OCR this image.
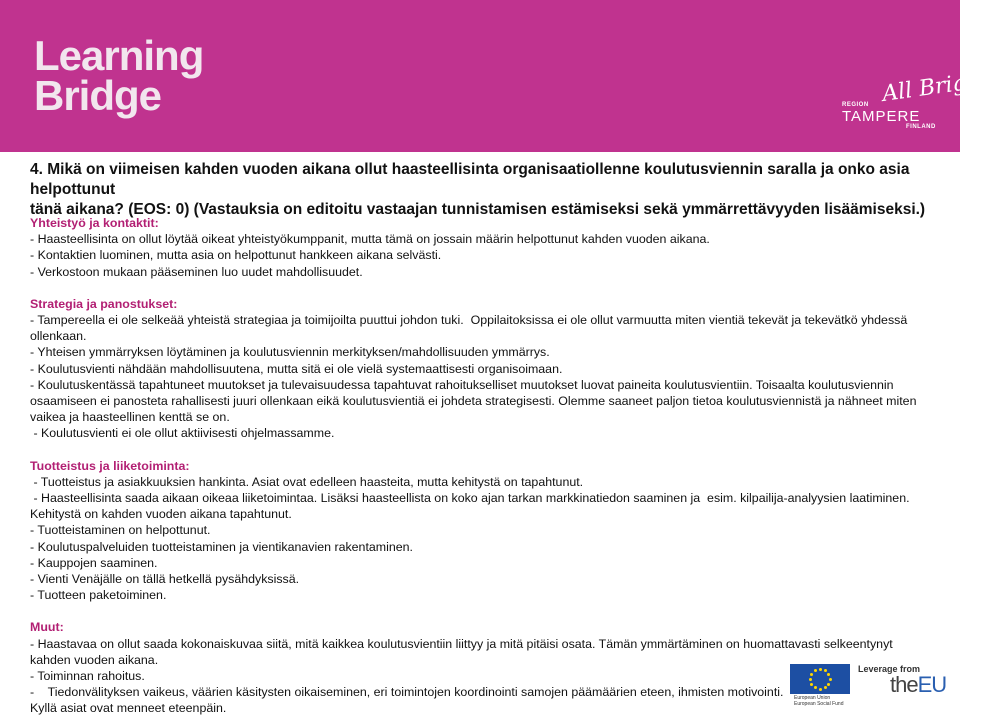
Learning
Bridge	All Bright!
REGION
TAMPERE
FINLAND
4. Mikä on viimeisen kahden vuoden aikana ollut haasteellisinta organisaatiollenne koulutusviennin saralla ja onko asia helpottunut
tänä aikana? (EOS: 0) (Vastauksia on editoitu vastaajan tunnistamisen estämiseksi sekä ymmärrettävyyden lisäämiseksi.)
Yhteistyö ja kontaktit:
- Haasteellisinta on ollut löytää oikeat yhteistyökumppanit, mutta tämä on jossain määrin helpottunut kahden vuoden aikana.
- Kontaktien luominen, mutta asia on helpottunut hankkeen aikana selvästi.
- Verkostoon mukaan pääseminen luo uudet mahdollisuudet.
Strategia ja panostukset:
- Tampereella ei ole selkeää yhteistä strategiaa ja toimijoilta puuttui johdon tuki.  Oppilaitoksissa ei ole ollut varmuutta miten vientiä tekevät ja tekevätkö yhdessä
ollenkaan.
- Yhteisen ymmärryksen löytäminen ja koulutusviennin merkityksen/mahdollisuuden ymmärrys.
- Koulutusvienti nähdään mahdollisuutena, mutta sitä ei ole vielä systemaattisesti organisoimaan.
- Koulutuskentässä tapahtuneet muutokset ja tulevaisuudessa tapahtuvat rahoitukselliset muutokset luovat paineita koulutusvientiin. Toisaalta koulutusviennin
osaamiseen ei panosteta rahallisesti juuri ollenkaan eikä koulutusvientiä ei johdeta strategisesti. Olemme saaneet paljon tietoa koulutusviennistä ja nähneet miten
vaikea ja haasteellinen kenttä se on.
- Koulutusvienti ei ole ollut aktiivisesti ohjelmassamme.
Tuotteistus ja liiketoiminta:
- Tuotteistus ja asiakkuuksien hankinta. Asiat ovat edelleen haasteita, mutta kehitystä on tapahtunut.
- Haasteellisinta saada aikaan oikeaa liiketoimintaa. Lisäksi haasteellista on koko ajan tarkan markkinatiedon saaminen ja  esim. kilpailija-analyysien laatiminen.
Kehitystä on kahden vuoden aikana tapahtunut.
- Tuotteistaminen on helpottunut.
- Koulutuspalveluiden tuotteistaminen ja vientikanavien rakentaminen.
- Kauppojen saaminen.
- Vienti Venäjälle on tällä hetkellä pysähdyksissä.
- Tuotteen paketoiminen.
Muut:
- Haastavaa on ollut saada kokonaiskuvaa siitä, mitä kaikkea koulutusvientiin liittyy ja mitä pitäisi osata. Tämän ymmärtäminen on huomattavasti selkeentynyt
kahden vuoden aikana.
- Toiminnan rahoitus.
-    Tiedonvälityksen vaikeus, väärien käsitysten oikaiseminen, eri toimintojen koordinointi samojen päämäärien eteen, ihmisten motivointi.
Kyllä asiat ovat menneet eteenpäin.
European Union
European Social Fund
Leverage from
theEU
